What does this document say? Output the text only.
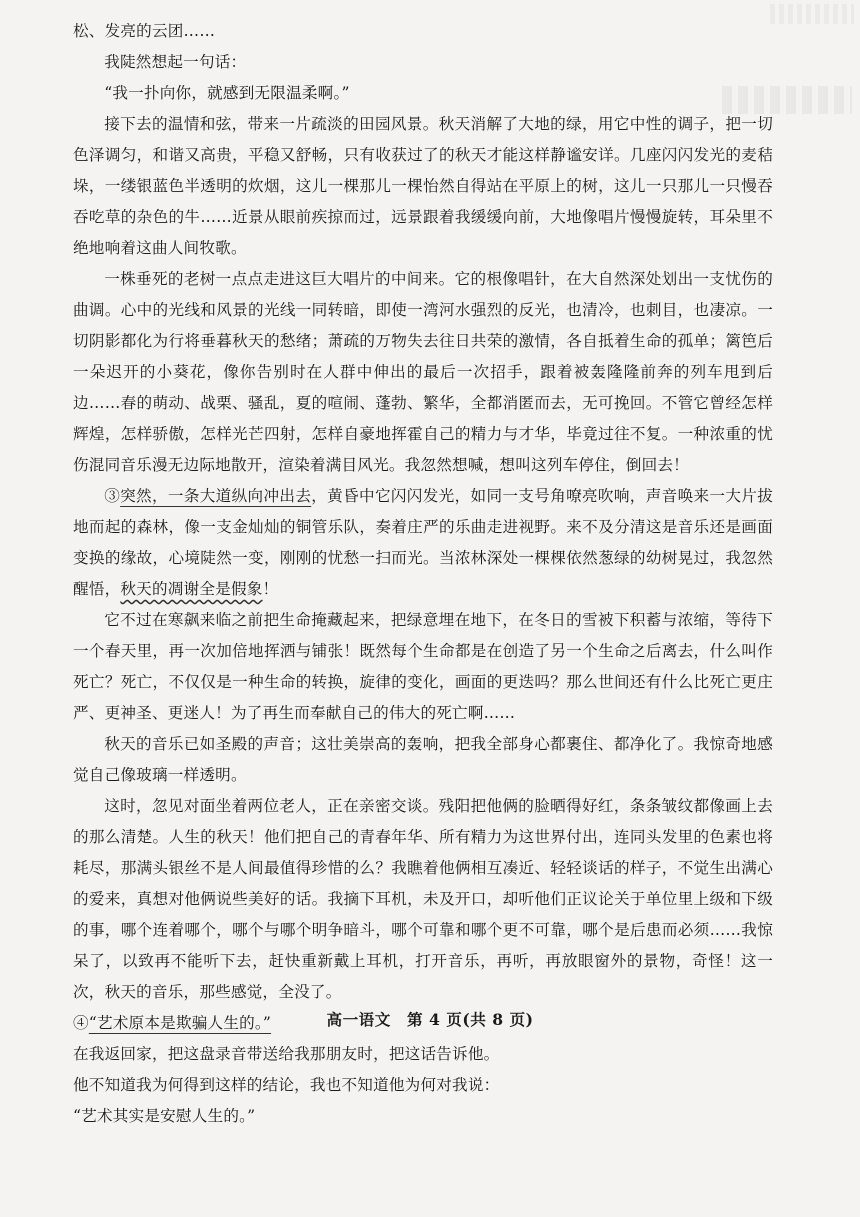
松、发亮的云团……

我陡然想起一句话：

“我一扑向你，就感到无限温柔啊。”

接下去的温情和弦，带来一片疏淡的田园风景。秋天消解了大地的绿，用它中性的调子，把一切色泽调匀，和谐又高贵，平稳又舒畅，只有收获过了的秋天才能这样静谧安详。几座闪闪发光的麦秸垛，一缕银蓝色半透明的炊烟，这儿一棵那儿一棵怡然自得站在平原上的树，这儿一只那儿一只慢吞吞吃草的杂色的牛……近景从眼前疾掠而过，远景跟着我缓缓向前，大地像唱片慢慢旋转，耳朵里不绝地响着这曲人间牧歌。

一株垂死的老树一点点走进这巨大唱片的中间来。它的根像唱针，在大自然深处划出一支忧伤的曲调。心中的光线和风景的光线一同转暗，即使一湾河水强烈的反光，也清冷，也刺目，也凄凉。一切阴影都化为行将垂暮秋天的愁绪；萧疏的万物失去往日共荣的激情，各自抵着生命的孤单；篱笆后一朵迟开的小葵花，像你告别时在人群中伸出的最后一次招手，跟着被轰隆隆前奔的列车甩到后边……春的萌动、战栗、骚乱，夏的喧闹、蓬勃、繁华，全都消匿而去，无可挽回。不管它曾经怎样辉煌，怎样骄傲，怎样光芒四射，怎样自豪地挥霍自己的精力与才华，毕竟过往不复。一种浓重的忧伤混同音乐漫无边际地散开，渲染着满目风光。我忽然想喊，想叫这列车停住，倒回去！

③突然，一条大道纵向冲出去，黄昏中它闪闪发光，如同一支号角嘹亮吹响，声音唤来一大片拔地而起的森林，像一支金灿灿的铜管乐队，奏着庄严的乐曲走进视野。来不及分清这是音乐还是画面变换的缘故，心境陡然一变，刚刚的忧愁一扫而光。当浓林深处一棵棵依然葱绿的幼树晃过，我忽然醒悟，秋天的凋谢全是假象！

它不过在寒飙来临之前把生命掩藏起来，把绿意埋在地下，在冬日的雪被下积蓄与浓缩，等待下一个春天里，再一次加倍地挥洒与铺张！既然每个生命都是在创造了另一个生命之后离去，什么叫作死亡？死亡，不仅仅是一种生命的转换，旋律的变化，画面的更迭吗？那么世间还有什么比死亡更庄严、更神圣、更迷人！为了再生而奉献自己的伟大的死亡啊……

秋天的音乐已如圣殿的声音；这壮美崇高的轰响，把我全部身心都裹住、都净化了。我惊奇地感觉自己像玻璃一样透明。

这时，忽见对面坐着两位老人，正在亲密交谈。残阳把他俩的脸晒得好红，条条皱纹都像画上去的那么清楚。人生的秋天！他们把自己的青春年华、所有精力为这世界付出，连同头发里的色素也将耗尽，那满头银丝不是人间最值得珍惜的么？我瞧着他俩相互凑近、轻轻谈话的样子，不觉生出满心的爱来，真想对他俩说些美好的话。我摘下耳机，未及开口，却听他们正议论关于单位里上级和下级的事，哪个连着哪个，哪个与哪个明争暗斗，哪个可靠和哪个更不可靠，哪个是后患而必须……我惊呆了，以致再不能听下去，赶快重新戴上耳机，打开音乐，再听，再放眼窗外的景物，奇怪！这一次，秋天的音乐，那些感觉，全没了。

④“艺术原本是欺骗人生的。”

在我返回家，把这盘录音带送给我那朋友时，把这话告诉他。

他不知道我为何得到这样的结论，我也不知道他为何对我说：

“艺术其实是安慰人生的。”

高一语文　第 4 页(共 8 页)
